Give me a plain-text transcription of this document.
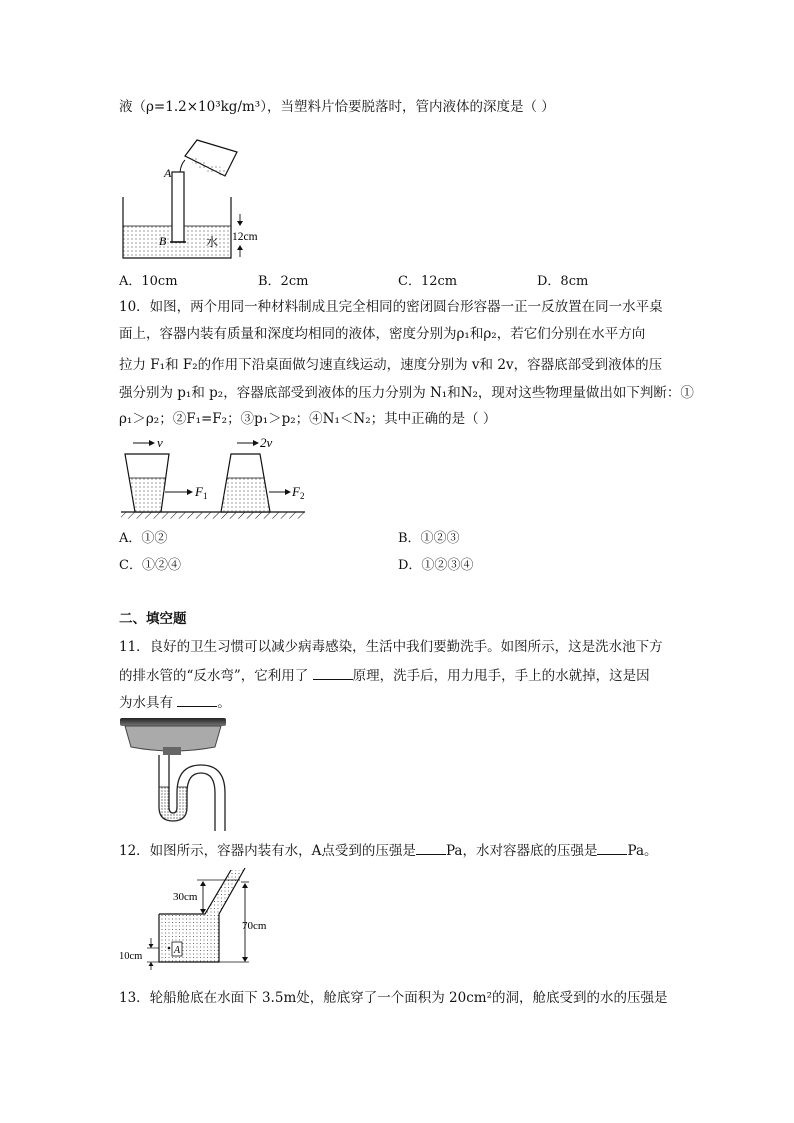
液（ρ=1.2×10³kg/m³），当塑料片恰要脱落时，管内液体的深度是（ ）
A
B	水 12cm
A．10cm	B．2cm	C．12cm	D．8cm
10．如图，两个用同一种材料制成且完全相同的密闭圆台形容器一正一反放置在同一水平桌
面上，容器内装有质量和深度均相同的液体，密度分别为ρ₁和ρ₂，若它们分别在水平方向
拉力 F₁和 F₂的作用下沿桌面做匀速直线运动，速度分别为 v和 2v，容器底部受到液体的压
强分别为 p₁和 p₂，容器底部受到液体的压力分别为 N₁和N₂，现对这些物理量做出如下判断：①
ρ₁＞ρ₂；②F₁=F₂；③p₁＞p₂；④N₁＜N₂；其中正确的是（ ）
v	2v
F 1	F 2
A．①②	B．①②③
C．①②④	D．①②③④
二、填空题
11．良好的卫生习惯可以减少病毒感染，生活中我们要勤洗手。如图所示，这是洗水池下方
的排水管的“反水弯”，它利用了	原理，洗手后，用力甩手，手上的水就掉，这是因
为水具有	。
12．如图所示，容器内装有水，A点受到的压强是 Pa，水对容器底的压强是 Pa。
30cm
70cm
A
10cm
13．轮船舱底在水面下 3.5m处，舱底穿了一个面积为 20cm²的洞，舱底受到的水的压强是
